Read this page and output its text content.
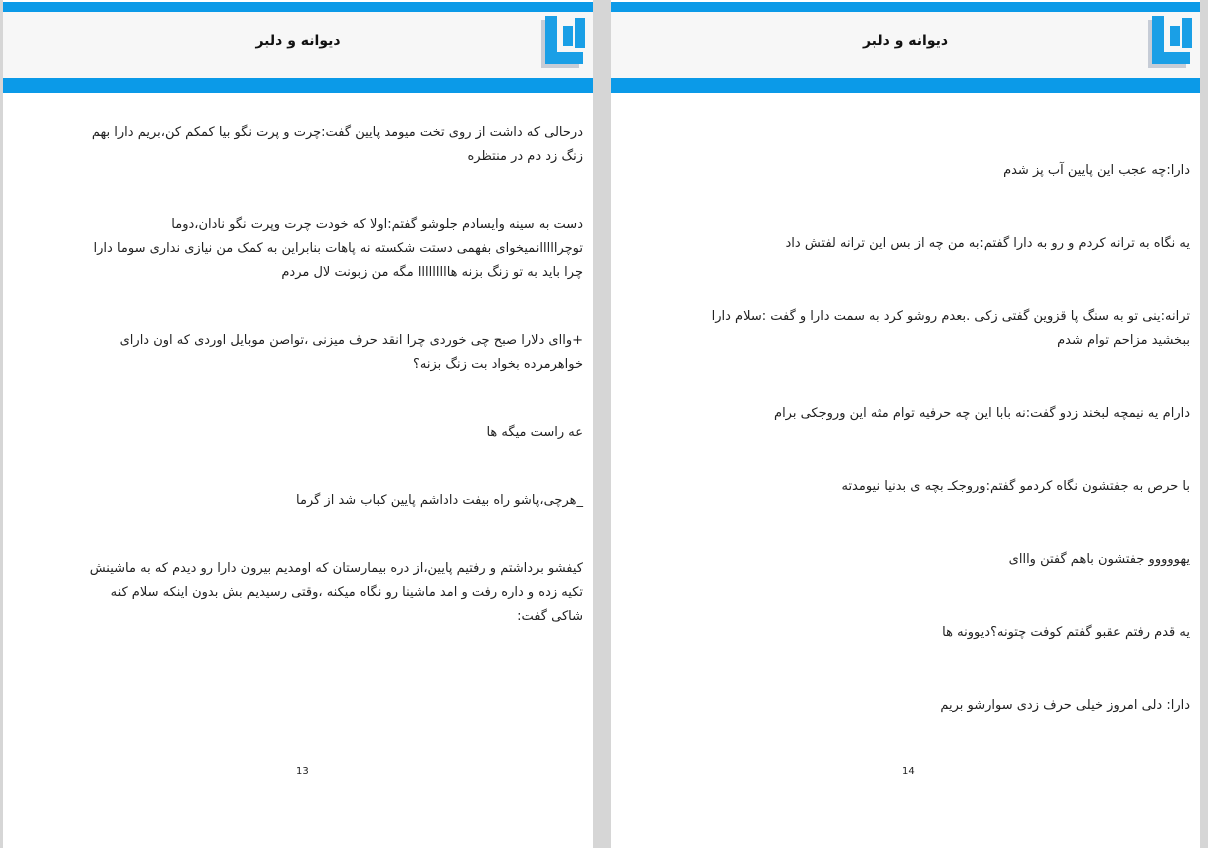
دیوانه و دلبر

درحالی که داشت از روی تخت میومد پایین گفت:چرت و پرت نگو بیا کمکم کن،بریم دارا بهم
زنگ زد دم در منتظره

دست به سینه وایسادم جلوشو گفتم:اولا که خودت چرت وپرت نگو نادان،دوما
توچرااااانمیخوای بفهمی دستت شکسته نه پاهات بنابراین به کمک من نیازی نداری سوما دارا
چرا باید به تو زنگ بزنه هااااااااا مگه من زبونت لال مردم

+واای دلارا صبح چی خوردی چرا انقد حرف میزنی ،تواصن موبایل اوردی که اون دارای
خواهرمرده بخواد بت زنگ بزنه؟

عه راست میگه ها

_هرچی،پاشو راه بیفت داداشم پایین کباب شد از گرما

کیفشو برداشتم و رفتیم پایین،از دره بیمارستان که اومدیم بیرون دارا رو دیدم که به ماشینش
تکیه زده و داره رفت و امد ماشینا رو نگاه میکنه ،وقتی رسیدیم بش بدون اینکه سلام کنه
شاکی گفت:

13
دیوانه و دلبر

دارا:چه عجب این پایین آب پز شدم

یه نگاه به ترانه کردم و رو به دارا گفتم:به من چه از بس این ترانه لفتش داد

ترانه:ینی تو به سنگ پا قزوین گفتی زکی .بعدم روشو کرد به سمت دارا و گفت :سلام دارا
ببخشید مزاحم توام شدم

دارام یه نیمچه لبخند زدو گفت:نه بابا این چه حرفیه توام مثه این وروجکی برام

با حرص به جفتشون نگاه کردمو گفتم:وروجکـ بچه ی بدنیا نیومدته

یهووووو جفتشون باهم گفتن وااای

یه قدم رفتم عقبو گفتم کوفت چتونه؟دیوونه ها

دارا: دلی امروز خیلی حرف زدی سوارشو بریم

14
